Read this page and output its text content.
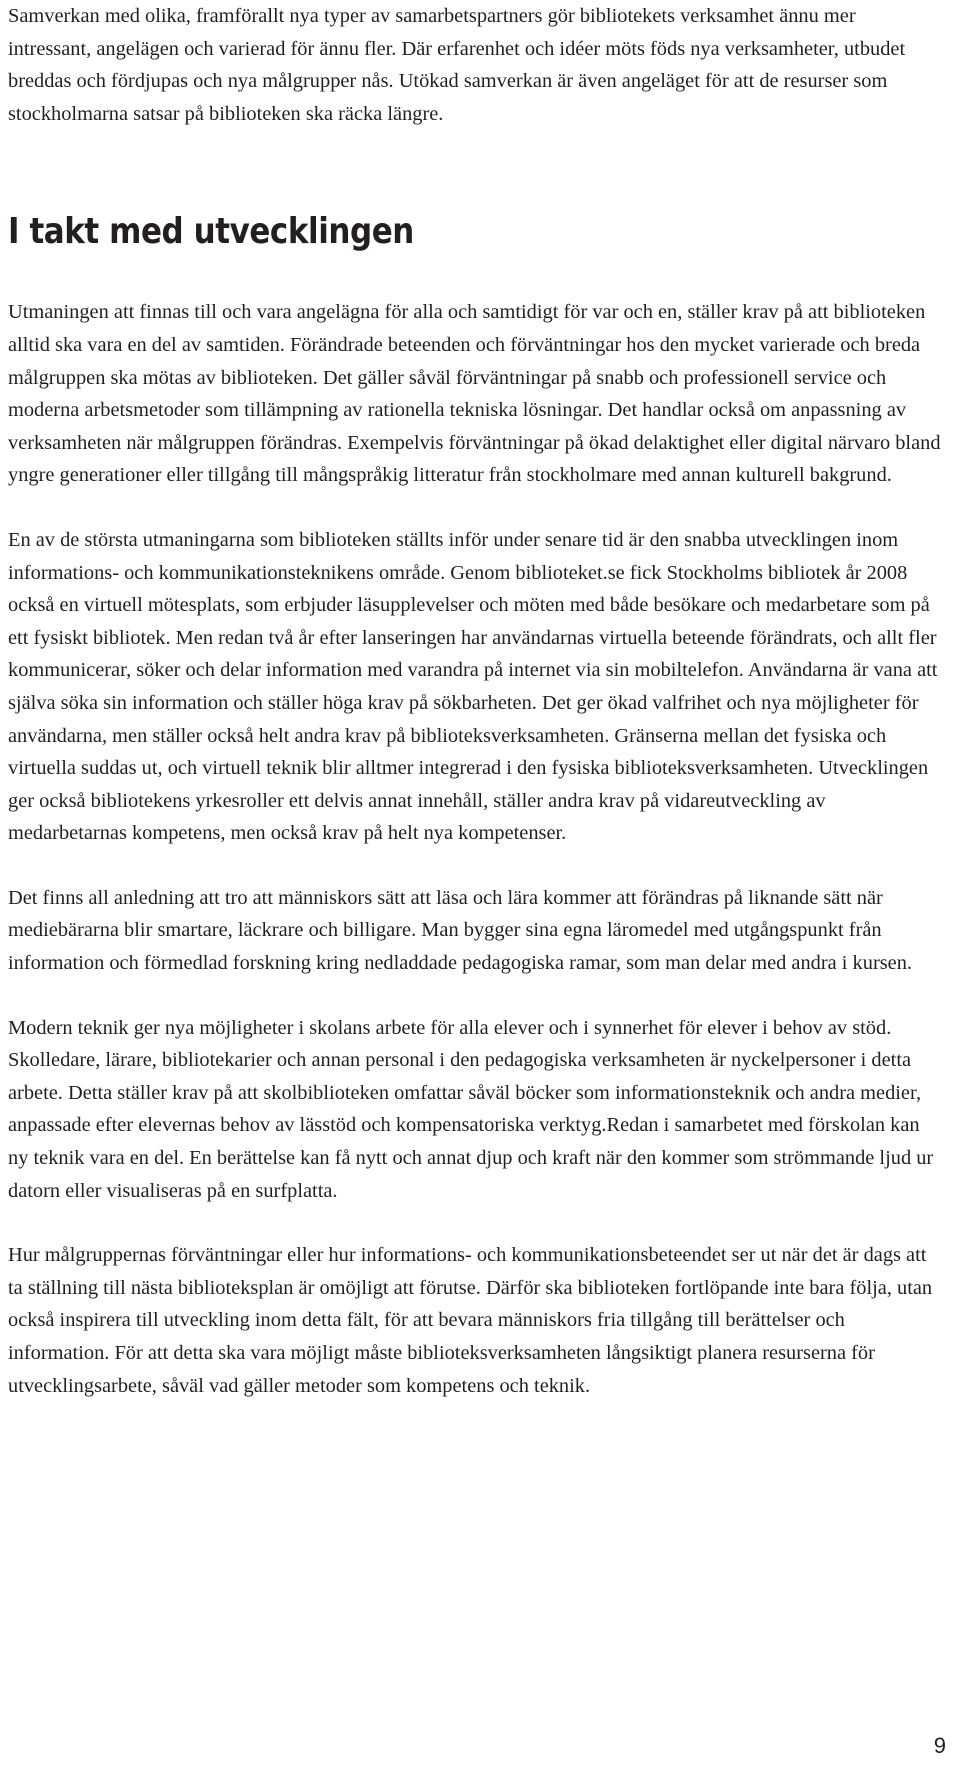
Samverkan med olika, framförallt nya typer av samarbetspartners gör bibliotekets verksamhet ännu mer intressant, angelägen och varierad för ännu fler. Där erfarenhet och idéer möts föds nya verksamheter, utbudet breddas och fördjupas och nya målgrupper nås. Utökad samverkan är även angeläget för att de resurser som stockholmarna satsar på biblioteken ska räcka längre.

I takt med utvecklingen

Utmaningen att finnas till och vara angelägna för alla och samtidigt för var och en, ställer krav på att biblioteken alltid ska vara en del av samtiden. Förändrade beteenden och förväntningar hos den mycket varierade och breda målgruppen ska mötas av biblioteken. Det gäller såväl förväntningar på snabb och professionell service och moderna arbetsmetoder som tillämpning av rationella tekniska lösningar. Det handlar också om anpassning av verksamheten när målgruppen förändras. Exempelvis förväntningar på ökad delaktighet eller digital närvaro bland yngre generationer eller tillgång till mångspråkig litteratur från stockholmare med annan kulturell bakgrund.

En av de största utmaningarna som biblioteken ställts inför under senare tid är den snabba utvecklingen inom informations- och kommunikationsteknikens område. Genom biblioteket.se fick Stockholms bibliotek år 2008 också en virtuell mötesplats, som erbjuder läsupplevelser och möten med både besökare och medarbetare som på ett fysiskt bibliotek. Men redan två år efter lanseringen har användarnas virtuella beteende förändrats, och allt fler kommunicerar, söker och delar information med varandra på internet via sin mobiltelefon. Användarna är vana att själva söka sin information och ställer höga krav på sökbarheten. Det ger ökad valfrihet och nya möjligheter för användarna, men ställer också helt andra krav på biblioteksverksamheten. Gränserna mellan det fysiska och virtuella suddas ut, och virtuell teknik blir alltmer integrerad i den fysiska biblioteksverksamheten. Utvecklingen ger också bibliotekens yrkesroller ett delvis annat innehåll, ställer andra krav på vidareutveckling av medarbetarnas kompetens, men också krav på helt nya kompetenser.

Det finns all anledning att tro att människors sätt att läsa och lära kommer att förändras på liknande sätt när mediebärarna blir smartare, läckrare och billigare. Man bygger sina egna läromedel med utgångspunkt från information och förmedlad forskning kring nedladdade pedagogiska ramar, som man delar med andra i kursen.

Modern teknik ger nya möjligheter i skolans arbete för alla elever och i synnerhet för elever i behov av stöd. Skolledare, lärare, bibliotekarier och annan personal i den pedagogiska verksamheten är nyckelpersoner i detta arbete. Detta ställer krav på att skolbiblioteken omfattar såväl böcker som informationsteknik och andra medier, anpassade efter elevernas behov av lässtöd och kompensatoriska verktyg.Redan i samarbetet med förskolan kan ny teknik vara en del. En berättelse kan få nytt och annat djup och kraft när den kommer som strömmande ljud ur datorn eller visualiseras på en surfplatta.

Hur målgruppernas förväntningar eller hur informations- och kommunikationsbeteendet ser ut när det är dags att ta ställning till nästa biblioteksplan är omöjligt att förutse. Därför ska biblioteken fortlöpande inte bara följa, utan också inspirera till utveckling inom detta fält, för att bevara människors fria tillgång till berättelser och information. För att detta ska vara möjligt måste biblioteksverksamheten långsiktigt planera resurserna för utvecklingsarbete, såväl vad gäller metoder som kompetens och teknik.

9
